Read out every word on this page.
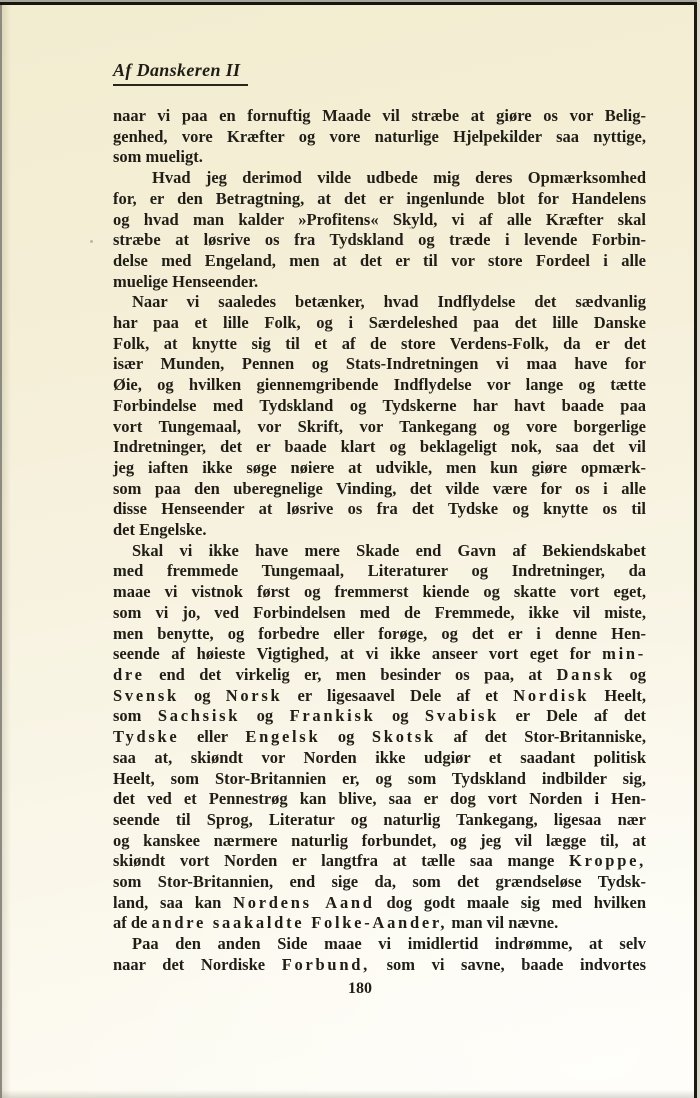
Af Danskeren II
naar vi paa en fornuftig Maade vil stræbe at giøre os vor Belig-
genhed, vore Kræfter og vore naturlige Hjelpekilder saa nyttige,
som mueligt.
Hvad jeg derimod vilde udbede mig deres Opmærksomhed
for, er den Betragtning, at det er ingenlunde blot for Handelens
og hvad man kalder »Profitens« Skyld, vi af alle Kræfter skal
stræbe at løsrive os fra Tydskland og træde i levende Forbin-
delse med Engeland, men at det er til vor store Fordeel i alle
muelige Henseender.
Naar vi saaledes betænker, hvad Indflydelse det sædvanlig
har paa et lille Folk, og i Særdeleshed paa det lille Danske
Folk, at knytte sig til et af de store Verdens-Folk, da er det
især Munden, Pennen og Stats-Indretningen vi maa have for
Øie, og hvilken giennemgribende Indflydelse vor lange og tætte
Forbindelse med Tydskland og Tydskerne har havt baade paa
vort Tungemaal, vor Skrift, vor Tankegang og vore borgerlige
Indretninger, det er baade klart og beklageligt nok, saa det vil
jeg iaften ikke søge nøiere at udvikle, men kun giøre opmærk-
som paa den uberegnelige Vinding, det vilde være for os i alle
disse Henseender at løsrive os fra det Tydske og knytte os til
det Engelske.
Skal vi ikke have mere Skade end Gavn af Bekiendskabet
med fremmede Tungemaal, Literaturer og Indretninger, da
maae vi vistnok først og fremmerst kiende og skatte vort eget,
som vi jo, ved Forbindelsen med de Fremmede, ikke vil miste,
men benytte, og forbedre eller forøge, og det er i denne Hen-
seende af høieste Vigtighed, at vi ikke anseer vort eget for min-
dre end det virkelig er, men besinder os paa, at Dansk og
Svensk og Norsk er ligesaavel Dele af et Nordisk Heelt,
som Sachsisk og Frankisk og Svabisk er Dele af det
Tydske eller Engelsk og Skotsk af det Stor-Britanniske,
saa at, skiøndt vor Norden ikke udgiør et saadant politisk
Heelt, som Stor-Britannien er, og som Tydskland indbilder sig,
det ved et Pennestrøg kan blive, saa er dog vort Norden i Hen-
seende til Sprog, Literatur og naturlig Tankegang, ligesaa nær
og kanskee nærmere naturlig forbundet, og jeg vil lægge til, at
skiøndt vort Norden er langtfra at tælle saa mange Kroppe,
som Stor-Britannien, end sige da, som det grændseløse Tydsk-
land, saa kan Nordens Aand dog godt maale sig med hvilken
af de andre saakaldte Folke-Aander, man vil nævne.
Paa den anden Side maae vi imidlertid indrømme, at selv
naar det Nordiske Forbund, som vi savne, baade indvortes
180
